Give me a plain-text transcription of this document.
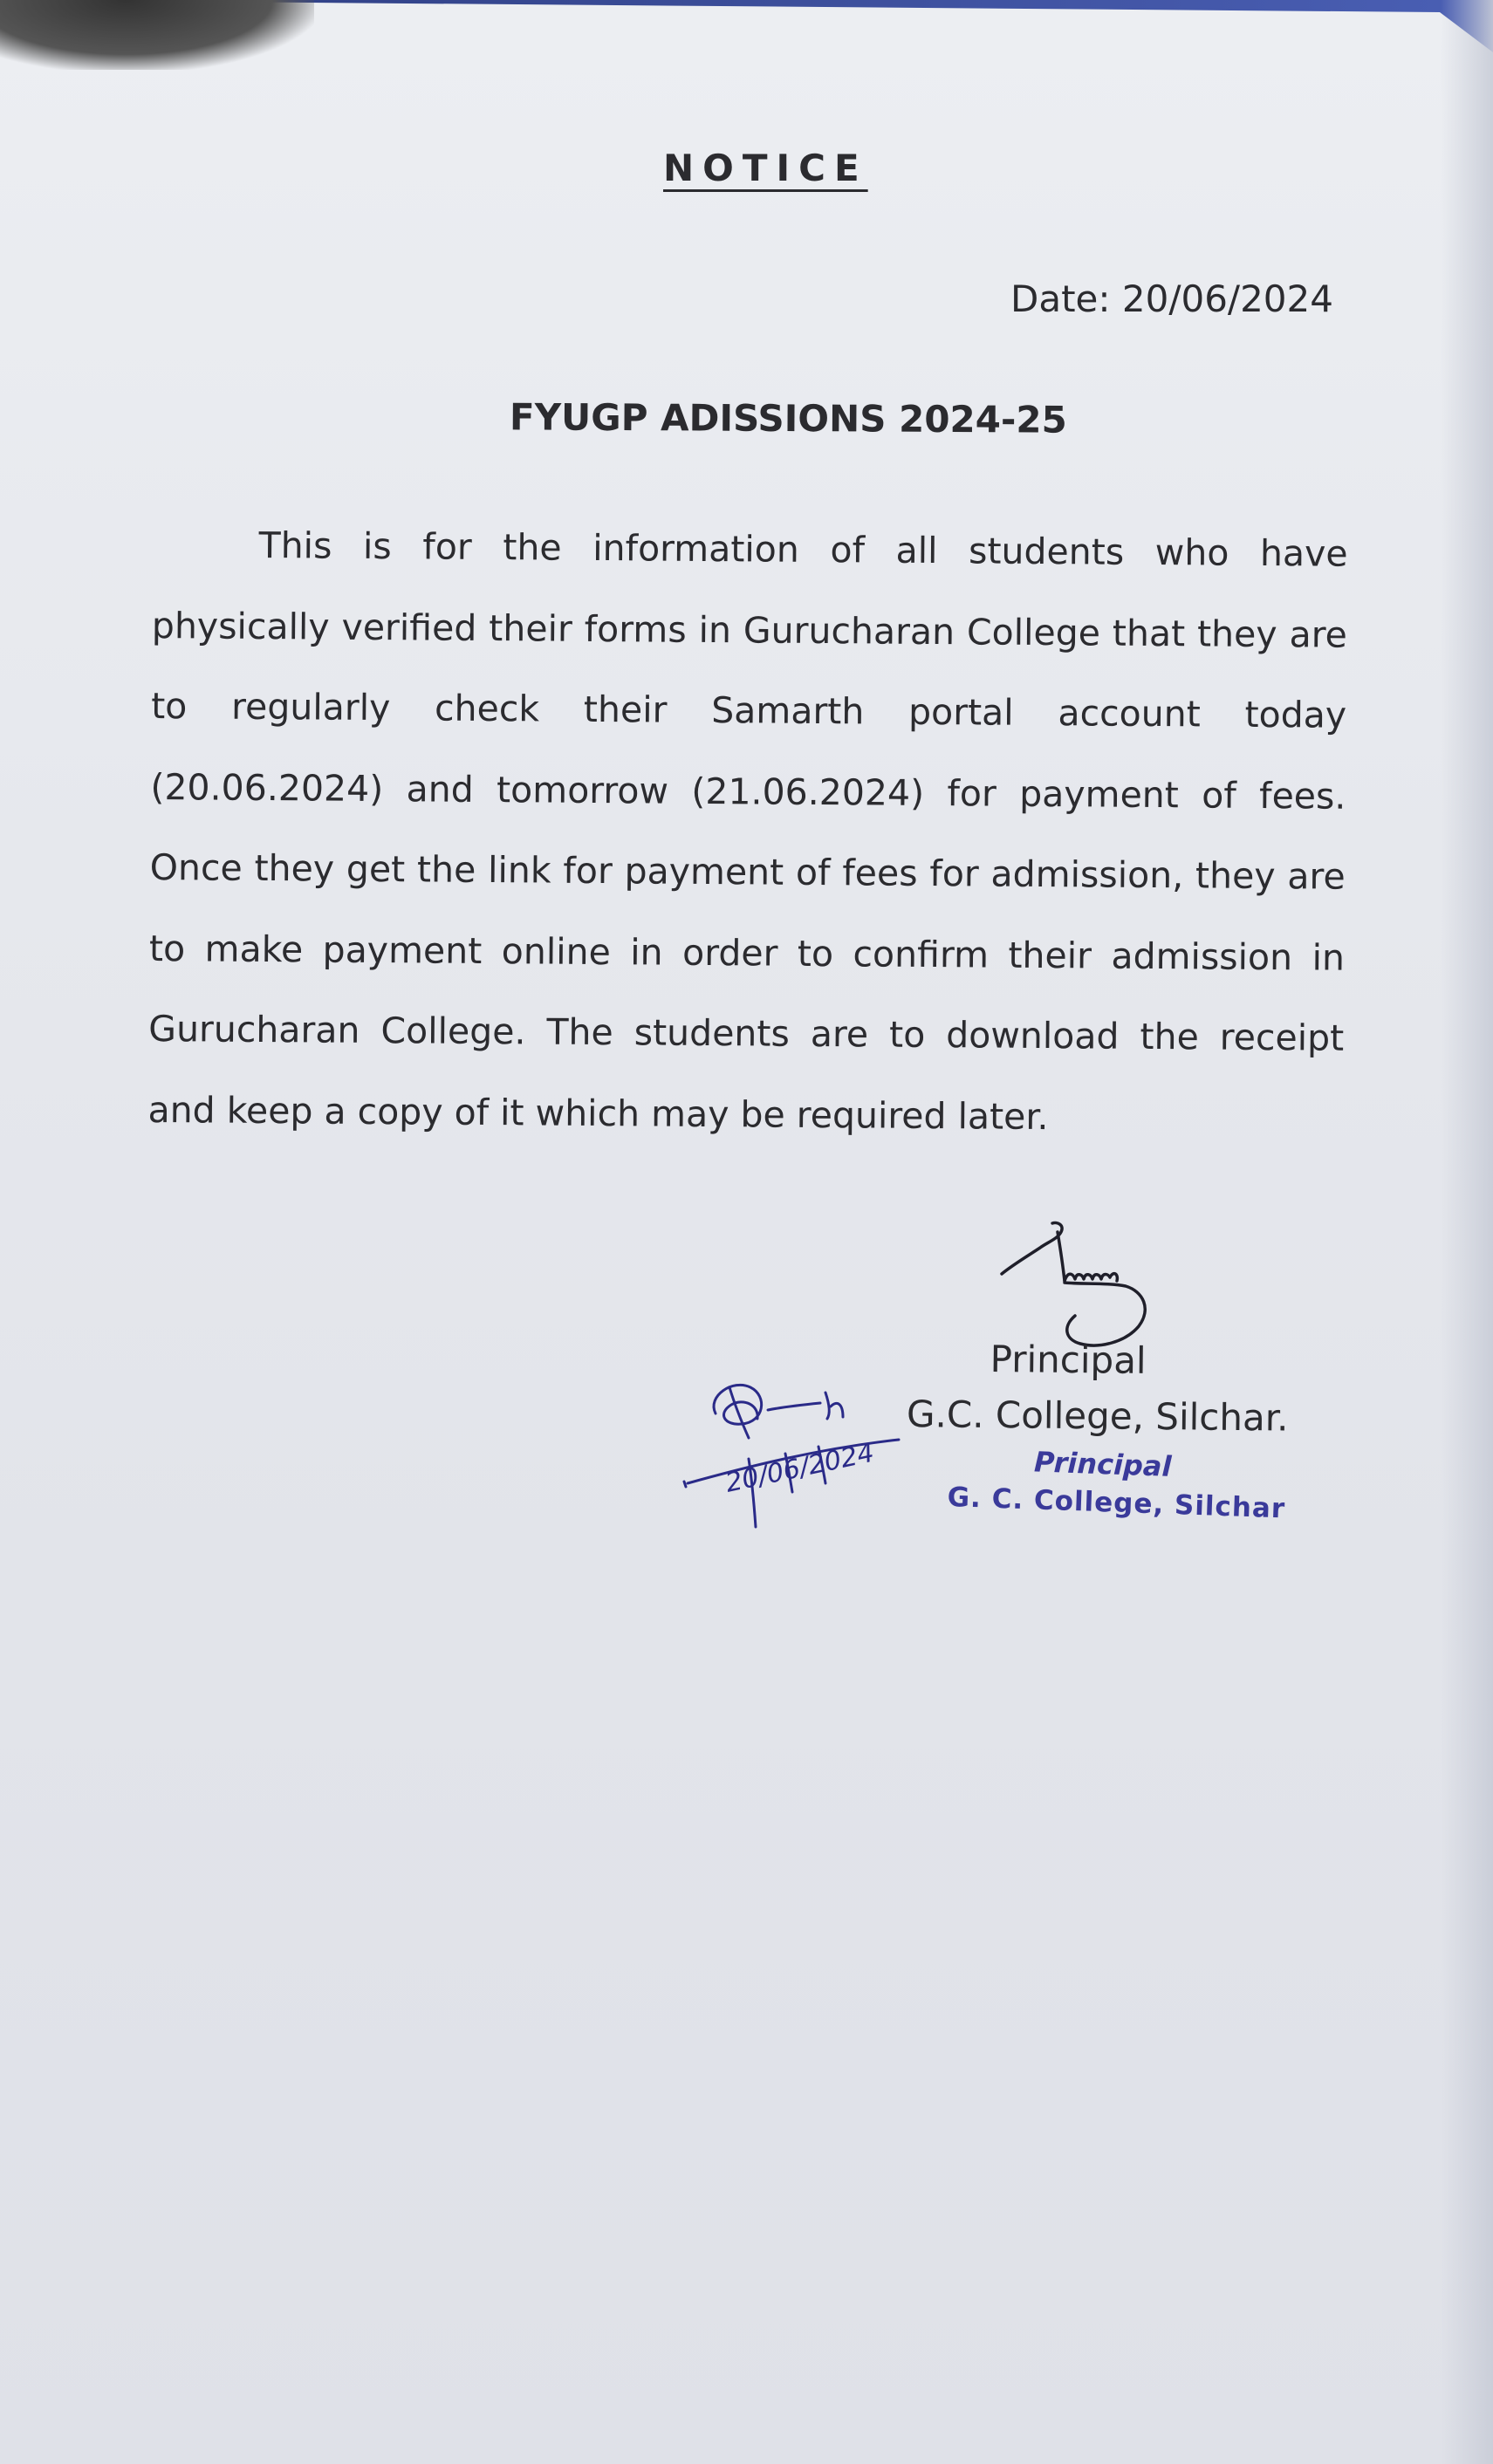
NOTICE
Date: 20/06/2024
FYUGP ADISSIONS 2024-25
This is for the information of all students who have physically verified their forms in Gurucharan College that they are to regularly check their Samarth portal account today (20.06.2024) and tomorrow (21.06.2024) for payment of fees. Once they get the link for payment of fees for admission, they are to make payment online in order to confirm their admission in Gurucharan College. The students are to download the receipt and keep a copy of it which may be required later.
20/06/2024
Principal
G.C. College, Silchar.
Principal
G. C. College, Silchar
